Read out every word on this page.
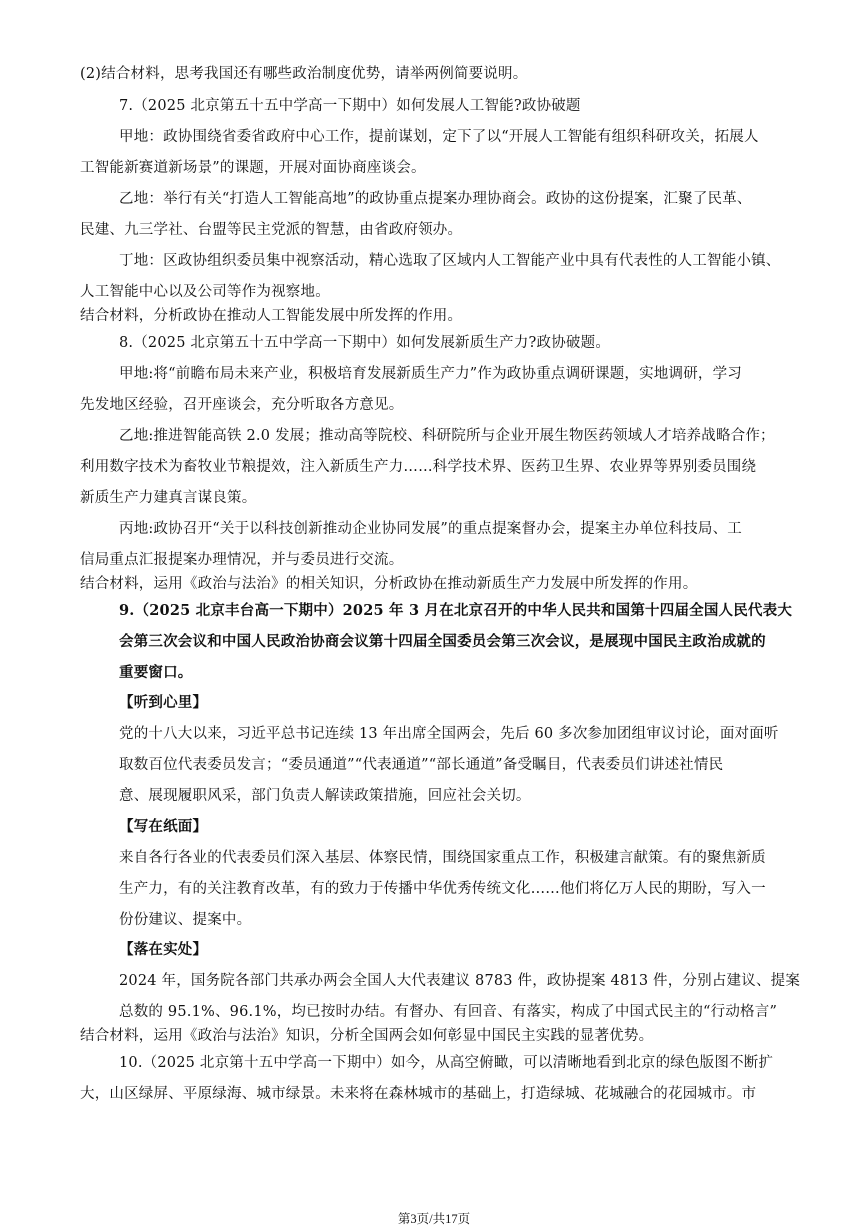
(2)结合材料，思考我国还有哪些政治制度优势，请举两例简要说明。
7.（2025 北京第五十五中学高一下期中）如何发展人工智能?政协破题
甲地：政协围绕省委省政府中心工作，提前谋划，定下了以“开展人工智能有组织科研攻关，拓展人
工智能新赛道新场景”的课题，开展对面协商座谈会。
乙地：举行有关“打造人工智能高地”的政协重点提案办理协商会。政协的这份提案，汇聚了民革、
民建、九三学社、台盟等民主党派的智慧，由省政府领办。
丁地：区政协组织委员集中视察活动，精心选取了区域内人工智能产业中具有代表性的人工智能小镇、
人工智能中心以及公司等作为视察地。
结合材料，分析政协在推动人工智能发展中所发挥的作用。
8.（2025 北京第五十五中学高一下期中）如何发展新质生产力?政协破题。
甲地:将“前瞻布局未来产业，积极培育发展新质生产力”作为政协重点调研课题，实地调研，学习
先发地区经验，召开座谈会，充分听取各方意见。
乙地:推进智能高铁 2.0 发展；推动高等院校、科研院所与企业开展生物医药领域人才培养战略合作；
利用数字技术为畜牧业节粮提效，注入新质生产力……科学技术界、医药卫生界、农业界等界别委员围绕
新质生产力建真言谋良策。
丙地:政协召开“关于以科技创新推动企业协同发展”的重点提案督办会，提案主办单位科技局、工
信局重点汇报提案办理情况，并与委员进行交流。
结合材料，运用《政治与法治》的相关知识，分析政协在推动新质生产力发展中所发挥的作用。
9.（2025 北京丰台高一下期中）2025 年 3 月在北京召开的中华人民共和国第十四届全国人民代表大
会第三次会议和中国人民政治协商会议第十四届全国委员会第三次会议，是展现中国民主政治成就的
重要窗口。
【听到心里】
党的十八大以来，习近平总书记连续 13 年出席全国两会，先后 60 多次参加团组审议讨论，面对面听
取数百位代表委员发言；“委员通道”“代表通道”“部长通道”备受瞩目，代表委员们讲述社情民
意、展现履职风采，部门负责人解读政策措施，回应社会关切。
【写在纸面】
来自各行各业的代表委员们深入基层、体察民情，围绕国家重点工作，积极建言献策。有的聚焦新质
生产力，有的关注教育改革，有的致力于传播中华优秀传统文化……他们将亿万人民的期盼，写入一
份份建议、提案中。
【落在实处】
2024 年，国务院各部门共承办两会全国人大代表建议 8783 件，政协提案 4813 件，分别占建议、提案
总数的 95.1%、96.1%，均已按时办结。有督办、有回音、有落实，构成了中国式民主的“行动格言”
结合材料，运用《政治与法治》知识，分析全国两会如何彰显中国民主实践的显著优势。
10.（2025 北京第十五中学高一下期中）如今，从高空俯瞰，可以清晰地看到北京的绿色版图不断扩
大，山区绿屏、平原绿海、城市绿景。未来将在森林城市的基础上，打造绿城、花城融合的花园城市。市
第3页/共17页
